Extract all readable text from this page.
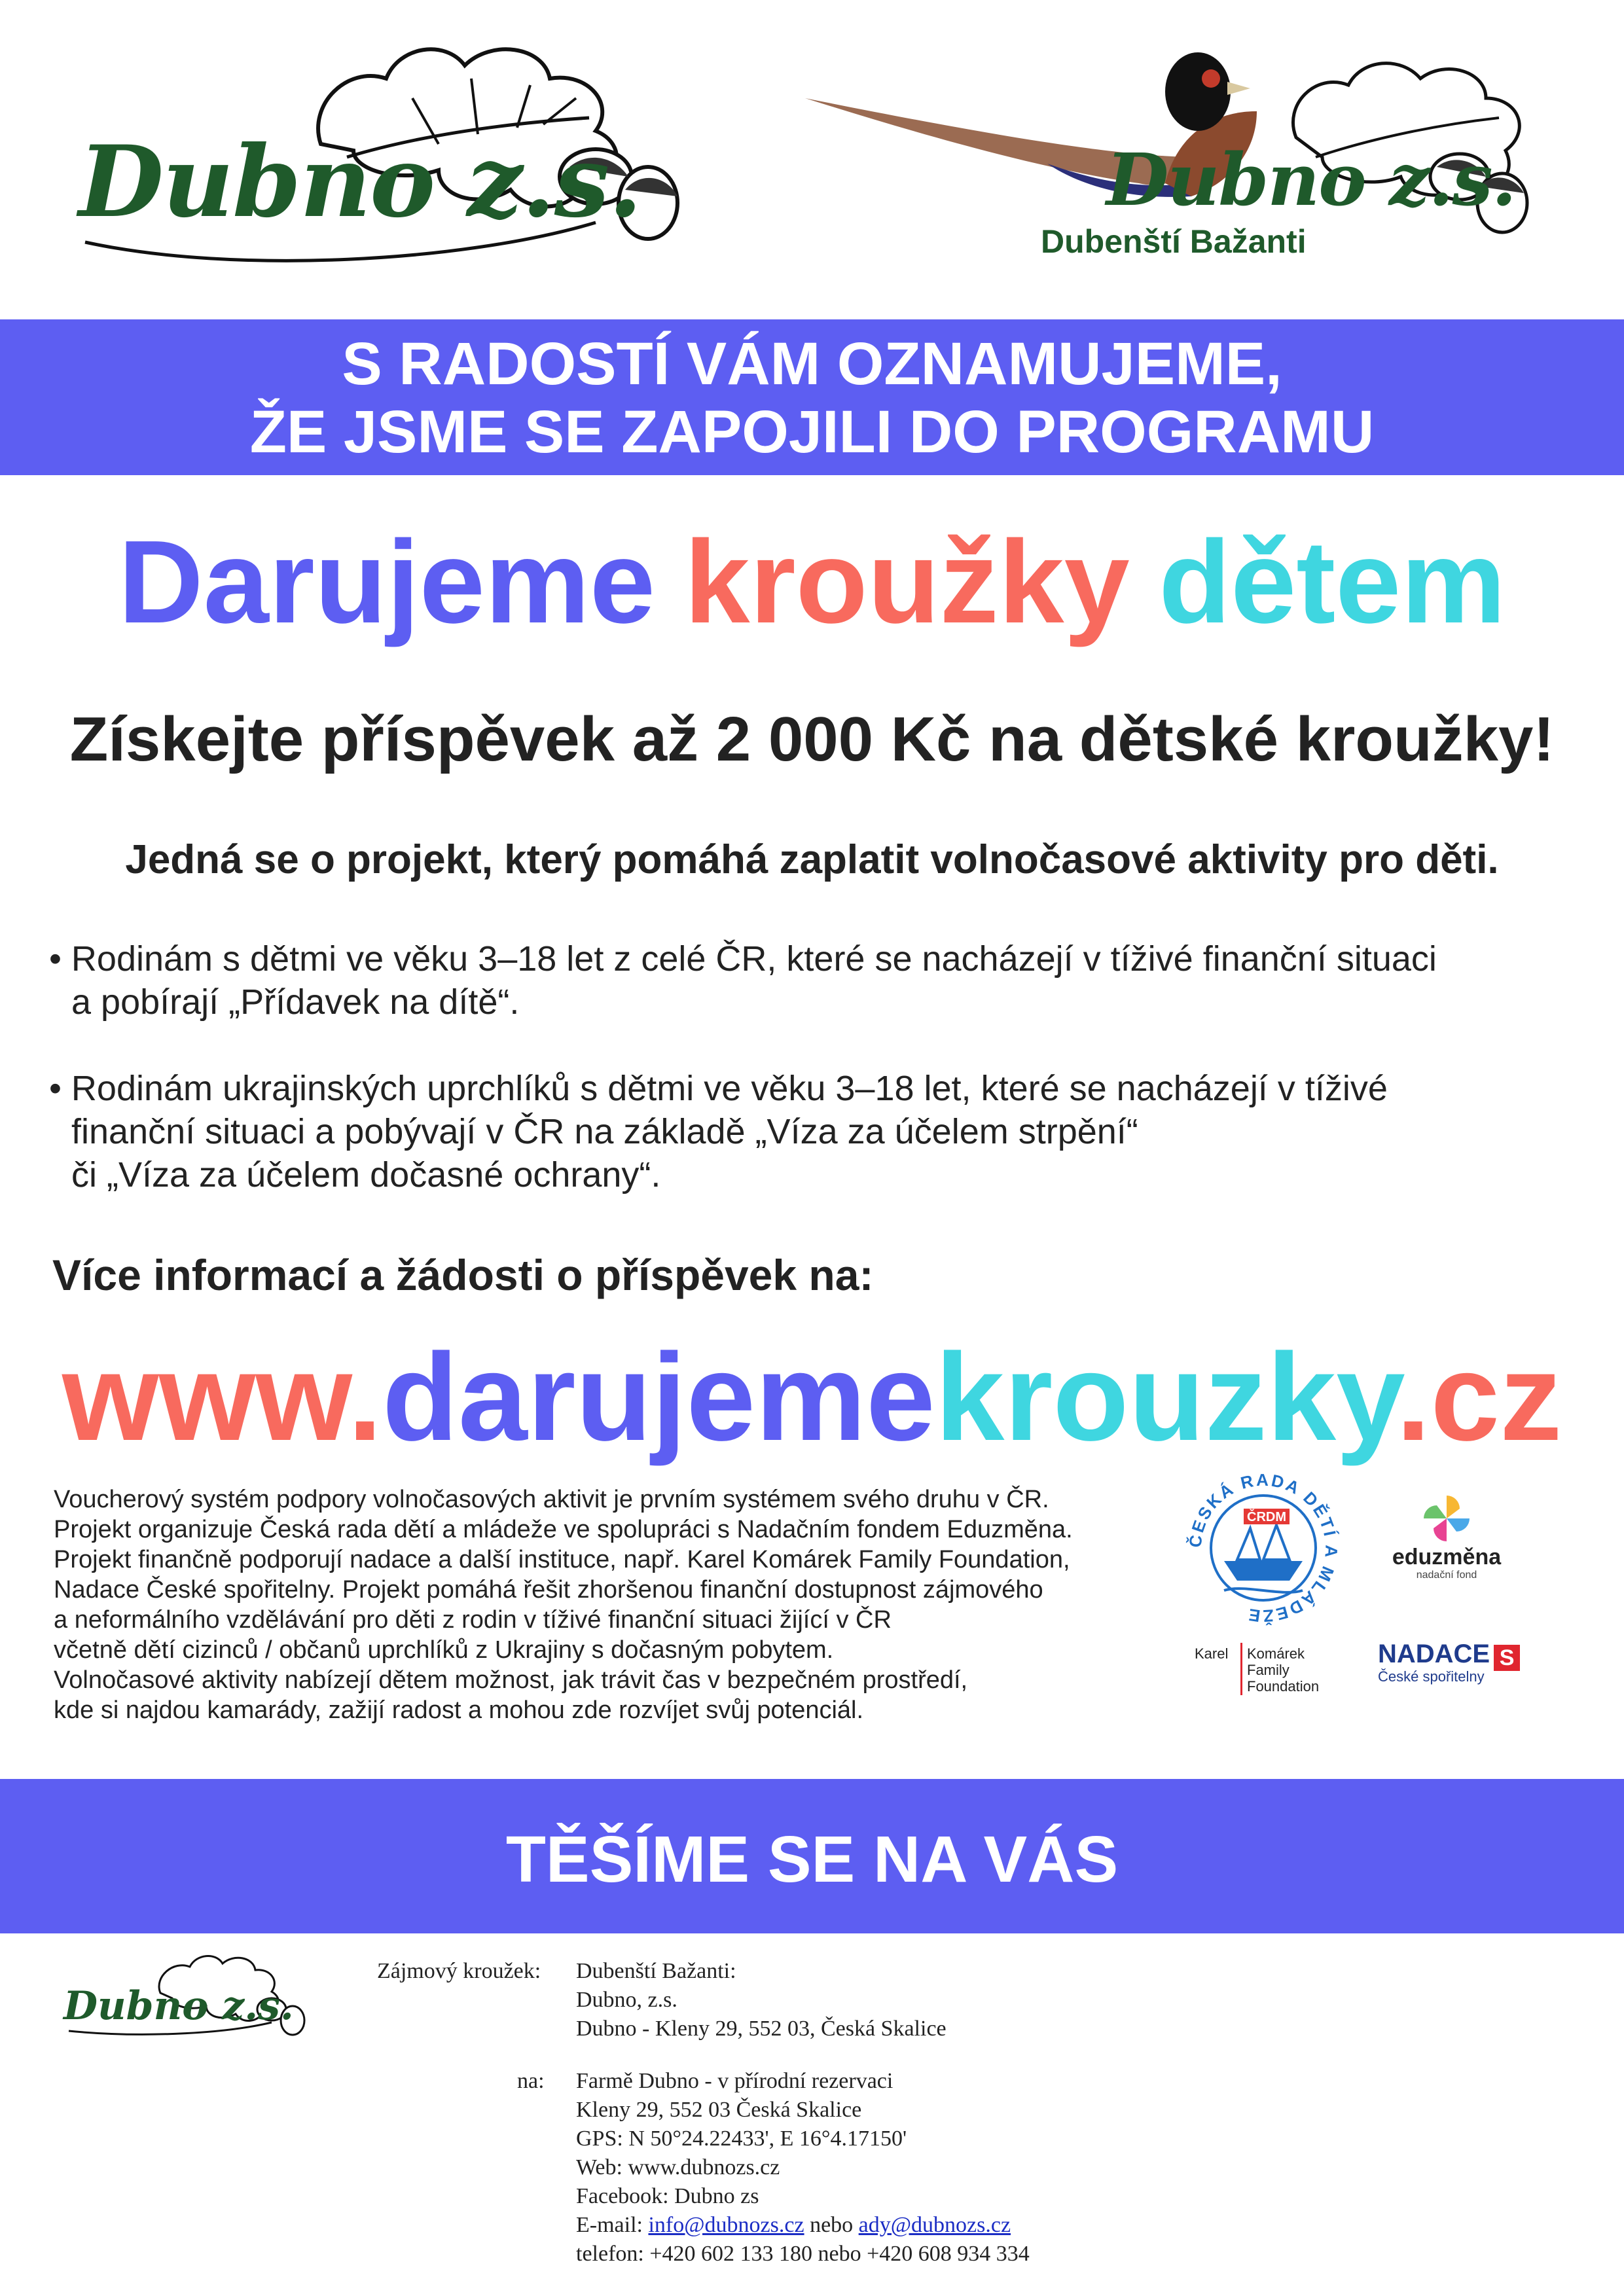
Dubno z.s.	Dubno z.s.
Dubenští Bažanti
S RADOSTÍ VÁM OZNAMUJEME,
ŽE JSME SE ZAPOJILI DO PROGRAMU
Darujeme kroužky dětem
Získejte příspěvek až 2 000 Kč na dětské kroužky!
Jedná se o projekt, který pomáhá zaplatit volnočasové aktivity pro děti.
• Rodinám s dětmi ve věku 3–18 let z celé ČR, které se nacházejí v tíživé finanční situaci
a pobírají „Přídavek na dítě“.
• Rodinám ukrajinských uprchlíků s dětmi ve věku 3–18 let, které se nacházejí v tíživé
finanční situaci a pobývají v ČR na základě „Víza za účelem strpění“
či „Víza za účelem dočasné ochrany“.
Více informací a žádosti o příspěvek na:
www.darujemekrouzky.cz
Voucherový systém podpory volnočasových aktivit je prvním systémem svého druhu v ČR.
Projekt organizuje Česká rada dětí a mládeže ve spolupráci s Nadačním fondem Eduzměna.
Projekt finančně podporují nadace a další instituce, např. Karel Komárek Family Foundation,
Nadace České spořitelny. Projekt pomáhá řešit zhoršenou finanční dostupnost zájmového
a neformálního vzdělávání pro děti z rodin v tíživé finanční situaci žijící v ČR
včetně dětí cizinců / občanů uprchlíků z Ukrajiny s dočasným pobytem.
Volnočasové aktivity nabízejí dětem možnost, jak trávit čas v bezpečném prostředí,
kde si najdou kamarády, zažijí radost a mohou zde rozvíjet svůj potenciál.
ČESKÁ RADA DĚTÍ A MLÁDEŽE
ČRDM
eduzměna
nadační fond
Karel Komárek
Family
Foundation
NADACE S
České spořitelny
TĚŠÍME SE NA VÁS
Dubno z.s.
Zájmový kroužek: Dubenští Bažanti:
Dubno, z.s.
Dubno - Kleny 29, 552 03, Česká Skalice
na: Farmě Dubno - v přírodní rezervaci
Kleny 29, 552 03 Česká Skalice
GPS: N 50°24.22433', E 16°4.17150'
Web: www.dubnozs.cz
Facebook: Dubno zs
E-mail: info@dubnozs.cz nebo ady@dubnozs.cz
telefon: +420 602 133 180 nebo +420 608 934 334
